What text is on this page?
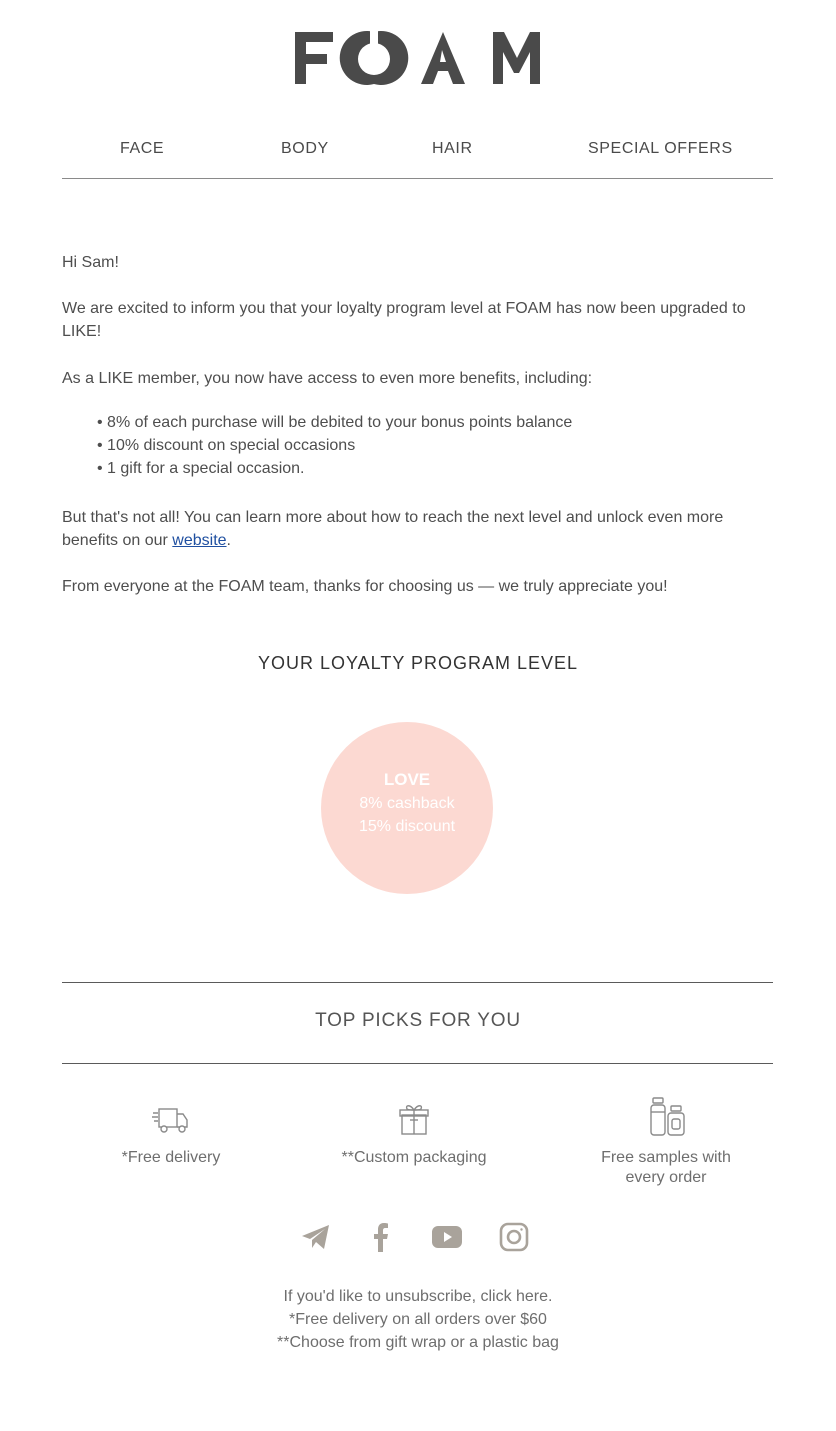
FACE	BODY	HAIR	SPECIAL OFFERS
Hi Sam!
We are excited to inform you that your loyalty program level at FOAM has now been upgraded to LIKE!
As a LIKE member, you now have access to even more benefits, including:
• 8% of each purchase will be debited to your bonus points balance
• 10% discount on special occasions
• 1 gift for a special occasion.
But that's not all! You can learn more about how to reach the next level and unlock even more benefits on our website.
From everyone at the FOAM team, thanks for choosing us — we truly appreciate you!
YOUR LOYALTY PROGRAM LEVEL
LOVE
8% cashback
15% discount
TOP PICKS FOR YOU
*Free delivery	**Custom packaging	Free samples with every order
If you'd like to unsubscribe, click here.
*Free delivery on all orders over $60
**Choose from gift wrap or a plastic bag
